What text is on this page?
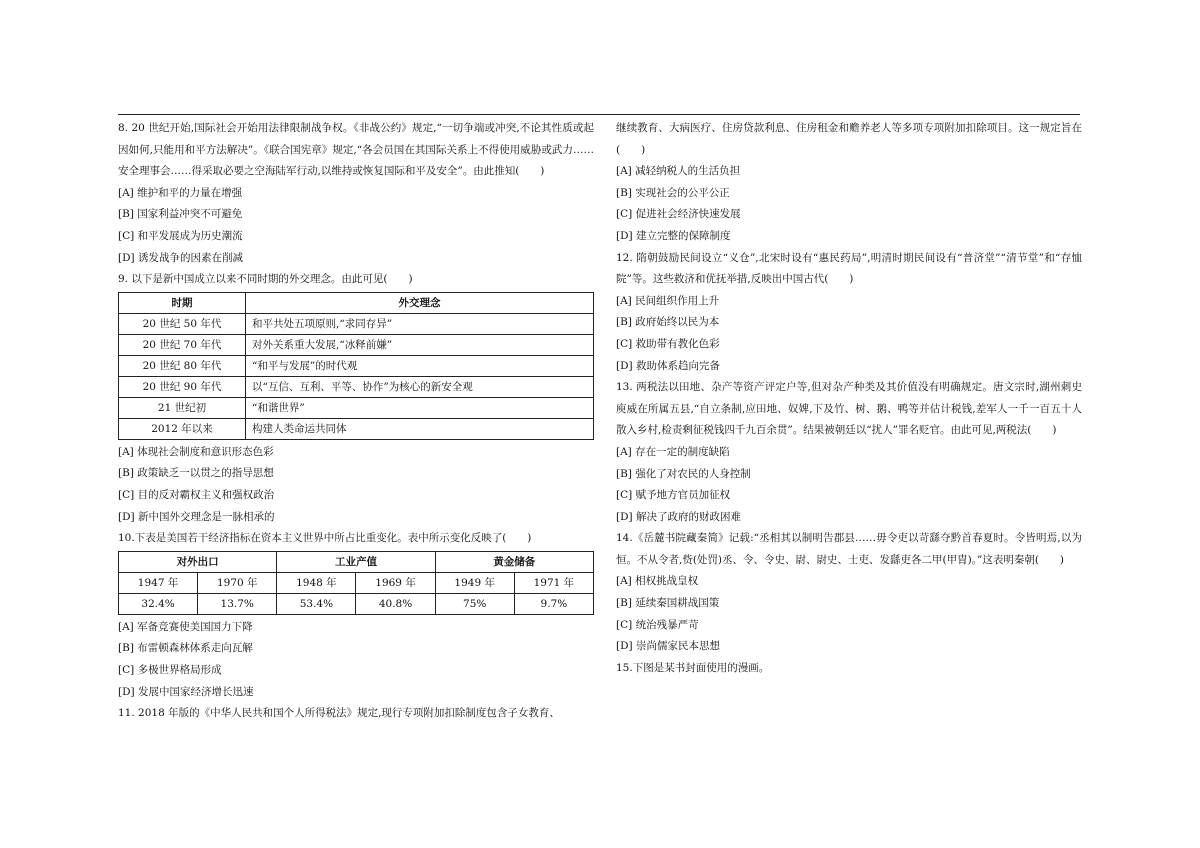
8. 20 世纪开始,国际社会开始用法律限制战争权。《非战公约》规定,“一切争端或冲突,不论其性质或起因如何,只能用和平方法解决”。《联合国宪章》规定,“各会员国在其国际关系上不得使用威胁或武力……安全理事会……得采取必要之空海陆军行动,以维持或恢复国际和平及安全”。由此推知(　　)

[A] 维护和平的力量在增强

[B] 国家利益冲突不可避免

[C] 和平发展成为历史潮流

[D] 诱发战争的因素在削减

9. 以下是新中国成立以来不同时期的外交理念。由此可见(　　)

时期	外交理念
20 世纪 50 年代	和平共处五项原则,“求同存异”
20 世纪 70 年代	对外关系重大发展,“冰释前嫌”
20 世纪 80 年代	“和平与发展”的时代观
20 世纪 90 年代	以“互信、互利、平等、协作”为核心的新安全观
21 世纪初	“和谐世界”
2012 年以来	构建人类命运共同体

[A] 体现社会制度和意识形态色彩

[B] 政策缺乏一以贯之的指导思想

[C] 目的反对霸权主义和强权政治

[D] 新中国外交理念是一脉相承的

10.下表是美国若干经济指标在资本主义世界中所占比重变化。表中所示变化反映了(　　)

对外出口		工业产值		黄金储备	
1947 年	1970 年	1948 年	1969 年	1949 年	1971 年
32.4%	13.7%	53.4%	40.8%	75%	9.7%

[A] 军备竞赛使美国国力下降

[B] 布雷顿森林体系走向瓦解

[C] 多极世界格局形成

[D] 发展中国家经济增长迅速

11. 2018 年版的《中华人民共和国个人所得税法》规定,现行专项附加扣除制度包含子女教育、

继续教育、大病医疗、住房贷款利息、住房租金和赡养老人等多项专项附加扣除项目。这一规定旨在(　　)

[A] 减轻纳税人的生活负担

[B] 实现社会的公平公正

[C] 促进社会经济快速发展

[D] 建立完整的保障制度

12. 隋朝鼓励民间设立“义仓”,北宋时设有“惠民药局”,明清时期民间设有“普济堂”“清节堂”和“存恤院”等。这些救济和优抚举措,反映出中国古代(　　)

[A] 民间组织作用上升

[B] 政府始终以民为本

[C] 救助带有教化色彩

[D] 救助体系趋向完备

13. 两税法以田地、杂产等资产评定户等,但对杂产种类及其价值没有明确规定。唐文宗时,湖州刺史庾威在所属五县,“自立条制,应田地、奴婢,下及竹、树、鹅、鸭等并估计税钱,差军人一千一百五十人散入乡村,检责剩征税钱四千九百余贯”。结果被朝廷以“扰人”罪名贬官。由此可见,两税法(　　)

[A] 存在一定的制度缺陷

[B] 强化了对农民的人身控制

[C] 赋予地方官员加征权

[D] 解决了政府的财政困难

14.《岳麓书院藏秦简》记载:“丞相其以制明告郡县……毋令吏以苛繇夺黔首春夏时。令皆明焉,以为恒。不从令者,赀(处罚)丞、令、令史、尉、尉史、士吏、发繇吏各二甲(甲胄)。”这表明秦朝(　　)

[A] 相权挑战皇权

[B] 延续秦国耕战国策

[C] 统治残暴严苛

[D] 崇尚儒家民本思想

15.下图是某书封面使用的漫画。
